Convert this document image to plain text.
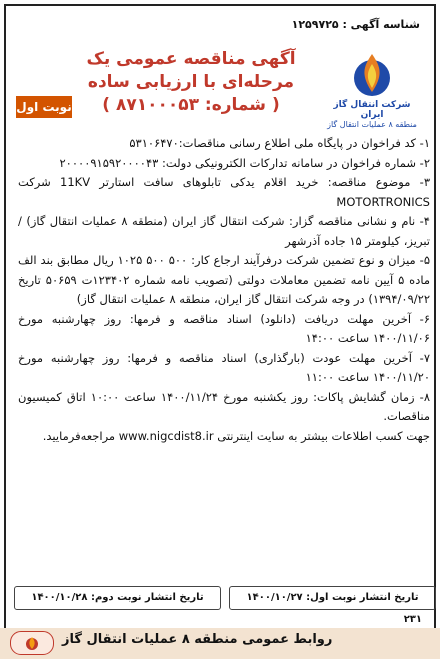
شناسه آگهی : ۱۲۵۹۷۲۵
آگهی مناقصه عمومی یک
مرحله‌ای با ارزیابی ساده
( شماره: ۸۷۱۰۰۰۵۳ )	شرکت انتقال گاز ایران
منطقه ۸ عملیات انتقال گاز
نوبت اول

۱- کد فراخوان در پایگاه ملی اطلاع رسانی مناقصات:۵۳۱۰۶۴۷۰

۲- شماره فراخوان در سامانه تدارکات الکترونیکی دولت: ۲۰۰۰۰۹۱۵۹۲۰۰۰۰۴۳

۳- موضوع مناقصه: خرید اقلام یدکی تابلوهای سافت استارتر 11KV شرکت MOTORTRONICS

۴- نام و نشانی مناقصه گزار: شرکت انتقال گاز ایران (منطقه ۸ عملیات انتقال گاز) / تبریز، کیلومتر ۱۵ جاده آذرشهر

۵- میزان و نوع تضمین شرکت درفرآیند ارجاع کار: ۵۰۰ ۵۰۰ ۱۰۲۵ ریال مطابق بند الف ماده ۵ آیین نامه تضمین معاملات دولتی (تصویب نامه شماره ۱۲۳۴۰۲ت ۵۰۶۵۹ تاریخ ۱۳۹۴/۰۹/۲۲) در وجه شرکت انتقال گاز ایران، منطقه ۸ عملیات انتقال گاز)

۶- آخرین مهلت دریافت (دانلود) اسناد مناقصه و فرمها: روز چهارشنبه مورخ ۱۴۰۰/۱۱/۰۶ ساعت ۱۴:۰۰

۷- آخرین مهلت عودت (بارگذاری) اسناد مناقصه و فرمها: روز چهارشنبه مورخ ۱۴۰۰/۱۱/۲۰ ساعت ۱۱:۰۰

۸- زمان گشایش پاکات: روز یکشنبه مورخ ۱۴۰۰/۱۱/۲۴ ساعت ۱۰:۰۰ اتاق کمیسیون مناقصات.

جهت کسب اطلاعات بیشتر به سایت اینترنتی www.nigcdist8.ir مراجعه‌فرمایید.

تاریخ انتشار نوبت اول: ۱۴۰۰/۱۰/۲۷
تاریخ انتشار نوبت دوم: ۱۴۰۰/۱۰/۲۸
۲۳۱
روابط عمومی منطقه ۸ عملیات انتقال گاز
